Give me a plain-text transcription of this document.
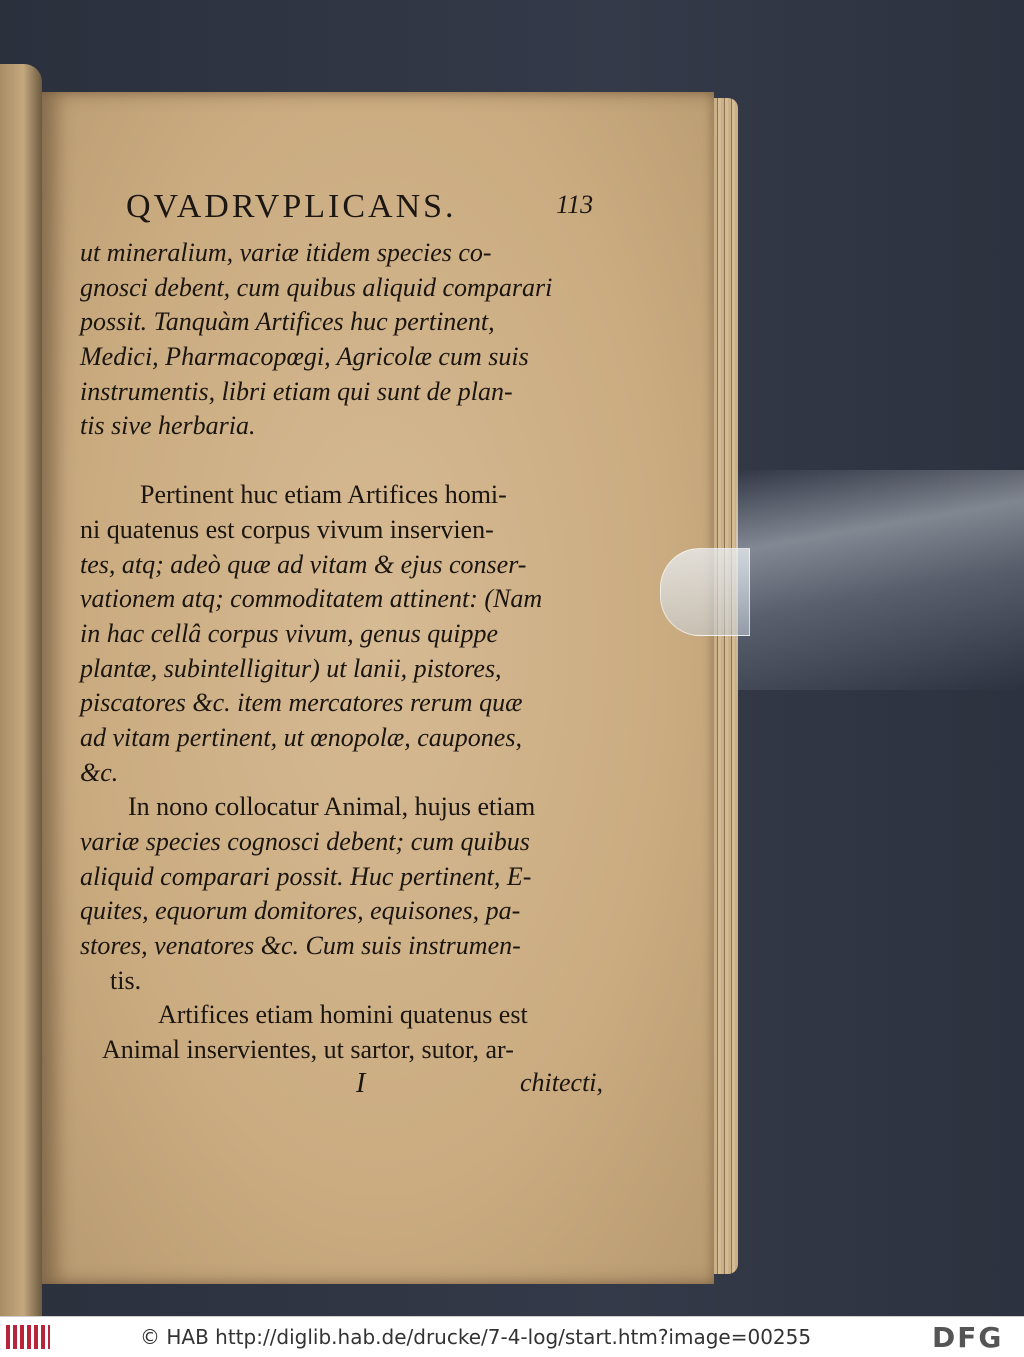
QVADRVPLICANS.	113
ut mineralium, variæ itidem species co-
gnosci debent, cum quibus aliquid comparari
possit. Tanquàm Artifices huc pertinent,
Medici, Pharmacopœgi, Agricolæ cum suis
instrumentis, libri etiam qui sunt de plan-
tis sive herbaria.
Pertinent huc etiam Artifices homi-
ni quatenus est corpus vivum inservien-
tes, atq; adeò quæ ad vitam & ejus conser-
vationem atq; commoditatem attinent: (Nam
in hac cellâ corpus vivum, genus quippe
plantæ, subintelligitur) ut lanii, pistores,
piscatores &c. item mercatores rerum quæ
ad vitam pertinent, ut œnopolæ, caupones,
&c.
In nono collocatur Animal, hujus etiam
variæ species cognosci debent; cum quibus
aliquid comparari possit. Huc pertinent, E-
quites, equorum domitores, equisones, pa-
stores, venatores &c. Cum suis instrumen-
tis.
Artifices etiam homini quatenus est
Animal inservientes, ut sartor, sutor, ar-
I	chitecti,
© HAB http://diglib.hab.de/drucke/7-4-log/start.htm?image=00255	DFG
